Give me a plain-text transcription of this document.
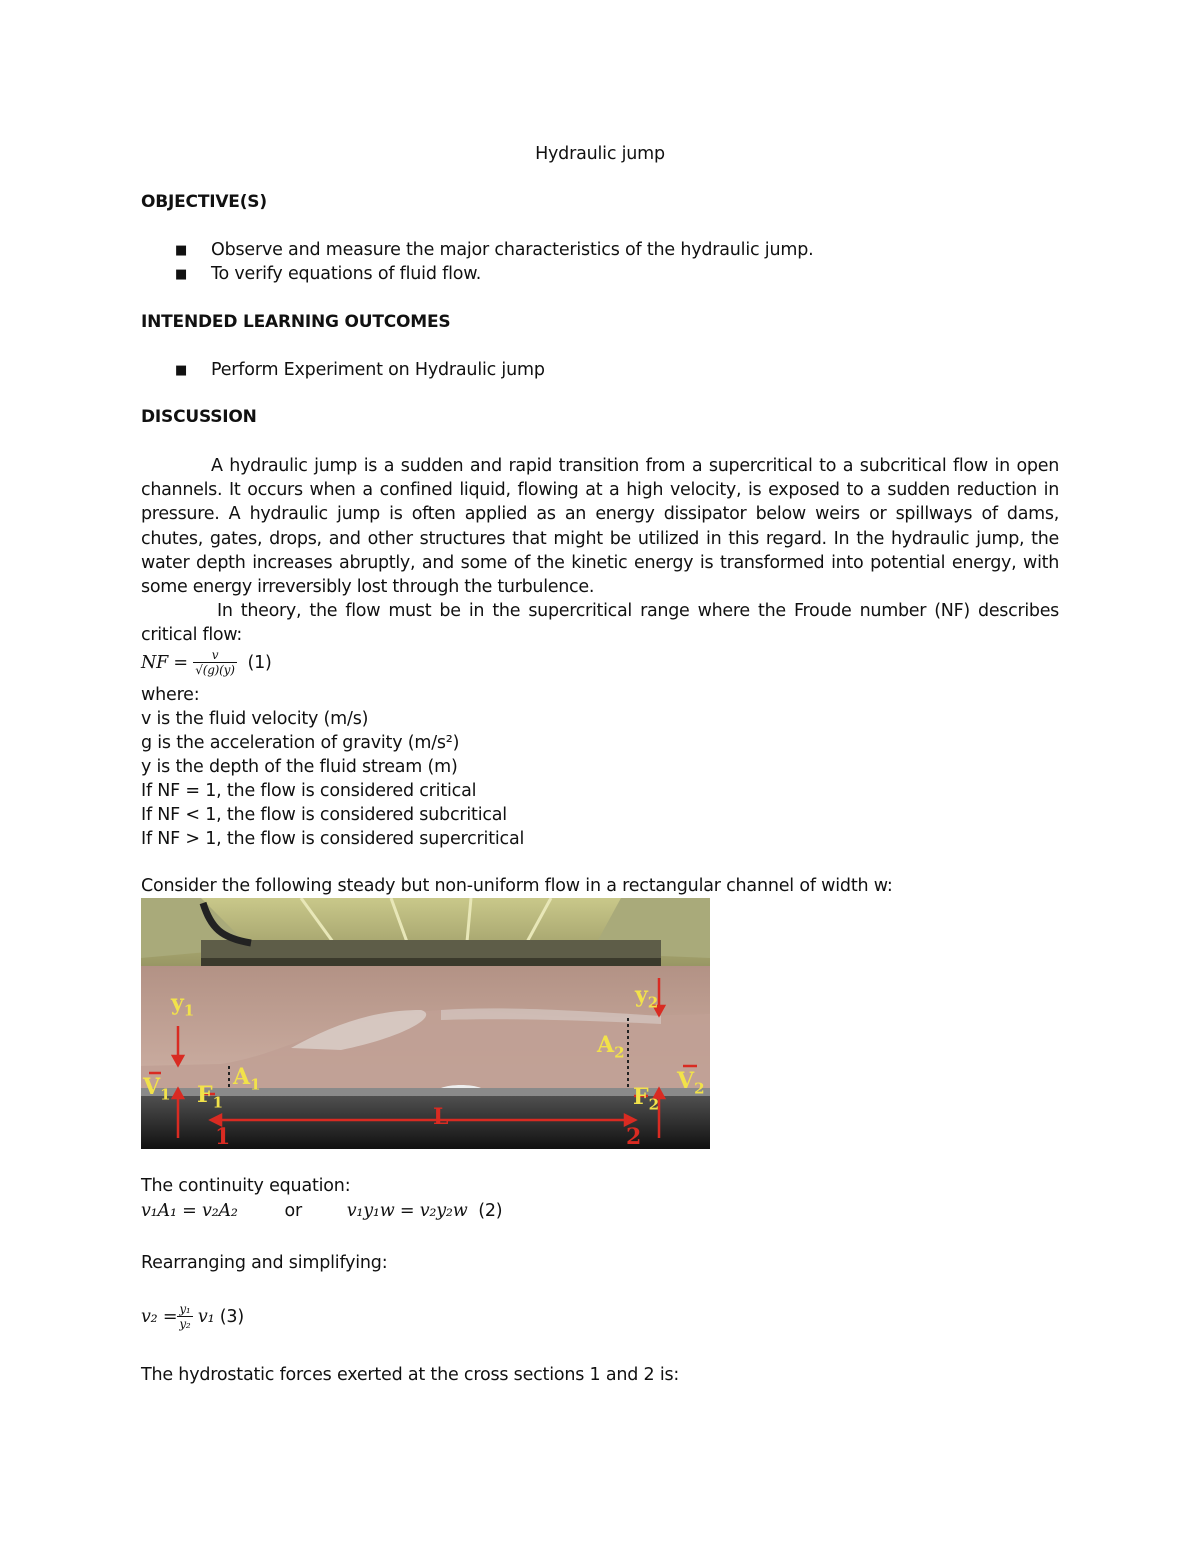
Hydraulic jump
OBJECTIVE(S)
■ Observe and measure the major characteristics of the hydraulic jump.
■ To verify equations of fluid flow.
INTENDED LEARNING OUTCOMES
■ Perform Experiment on Hydraulic jump
DISCUSSION
A hydraulic jump is a sudden and rapid transition from a supercritical to a subcritical flow in open channels. It occurs when a confined liquid, flowing at a high velocity, is exposed to a sudden reduction in pressure. A hydraulic jump is often applied as an energy dissipator below weirs or spillways of dams, chutes, gates, drops, and other structures that might be utilized in this regard. In the hydraulic jump, the water depth increases abruptly, and some of the kinetic energy is transformed into potential energy, with some energy irreversibly lost through the turbulence.
In theory, the flow must be in the supercritical range where the Froude number (NF) describes critical flow:
NF =
$\frac{v}{√(g)(y)}$
(1)
where:
v is the fluid velocity (m/s)
g is the acceleration of gravity (m/s²)
y is the depth of the fluid stream (m)
If NF = 1, the flow is considered critical
If NF < 1, the flow is considered subcritical
If NF > 1, the flow is considered supercritical
Consider the following steady but non-uniform flow in a rectangular channel of width w:
$y_1$
$y_2$
$A_1$
$A_2$
$V_1$
$V_2$
$F_1$	$F_2$
L
1	2
The continuity equation:
v₁A₁ = v₂A₂	or	v₁y₁w = v₂y₂w (2)
Rearranging and simplifying:
$v_2 = \frac{\text{y₁}}{\text{y₂}}$
v₁
(3)
The hydrostatic forces exerted at the cross sections 1 and 2 is:
